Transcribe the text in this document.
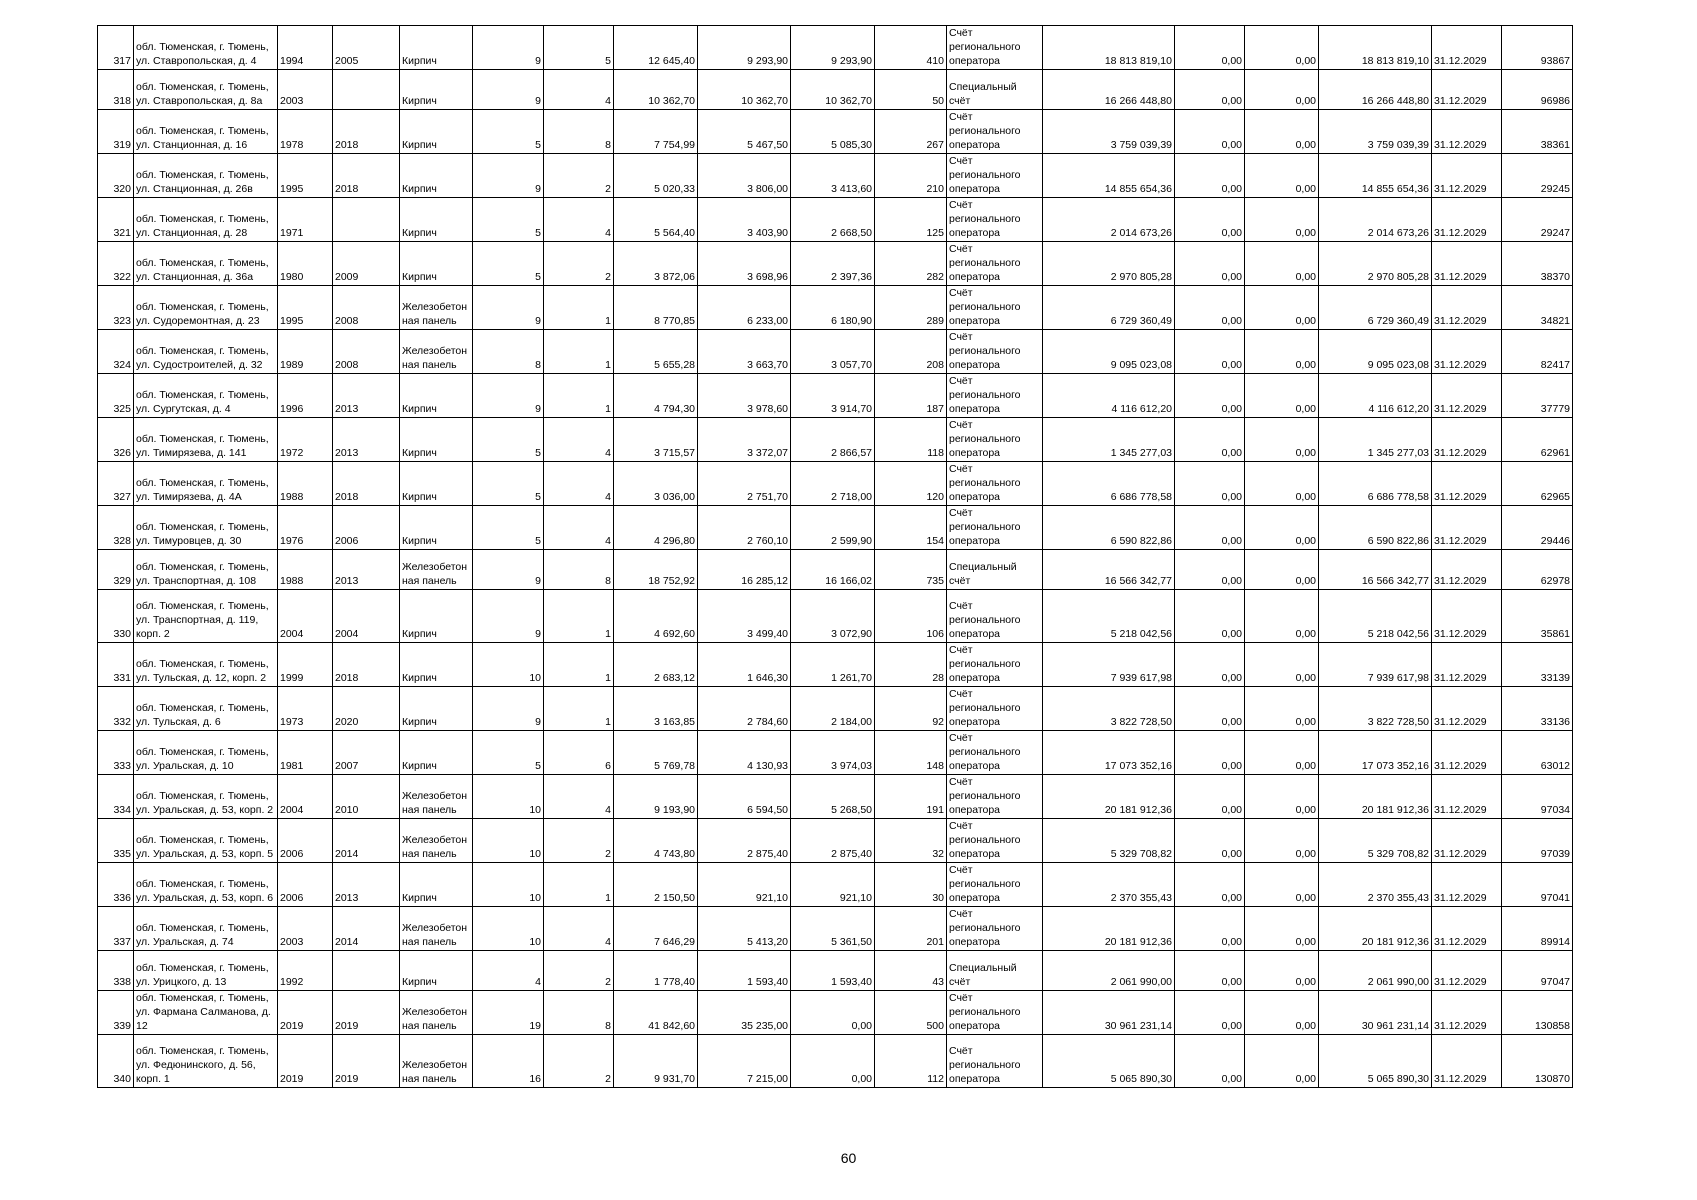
317	обл. Тюменская, г. Тюмень, ул. Ставропольская, д. 4	1994	2005	Кирпич	9	5	12 645,40	9 293,90	9 293,90	410	Счёт регионального оператора	18 813 819,10	0,00	0,00	18 813 819,10	31.12.2029	93867
318	обл. Тюменская, г. Тюмень, ул. Ставропольская, д. 8а	2003		Кирпич	9	4	10 362,70	10 362,70	10 362,70	50	Специальный счёт	16 266 448,80	0,00	0,00	16 266 448,80	31.12.2029	96986
319	обл. Тюменская, г. Тюмень, ул. Станционная, д. 16	1978	2018	Кирпич	5	8	7 754,99	5 467,50	5 085,30	267	Счёт регионального оператора	3 759 039,39	0,00	0,00	3 759 039,39	31.12.2029	38361
320	обл. Тюменская, г. Тюмень, ул. Станционная, д. 26в	1995	2018	Кирпич	9	2	5 020,33	3 806,00	3 413,60	210	Счёт регионального оператора	14 855 654,36	0,00	0,00	14 855 654,36	31.12.2029	29245
321	обл. Тюменская, г. Тюмень, ул. Станционная, д. 28	1971		Кирпич	5	4	5 564,40	3 403,90	2 668,50	125	Счёт регионального оператора	2 014 673,26	0,00	0,00	2 014 673,26	31.12.2029	29247
322	обл. Тюменская, г. Тюмень, ул. Станционная, д. 36а	1980	2009	Кирпич	5	2	3 872,06	3 698,96	2 397,36	282	Счёт регионального оператора	2 970 805,28	0,00	0,00	2 970 805,28	31.12.2029	38370
323	обл. Тюменская, г. Тюмень, ул. Судоремонтная, д. 23	1995	2008	Железобетонная панель	9	1	8 770,85	6 233,00	6 180,90	289	Счёт регионального оператора	6 729 360,49	0,00	0,00	6 729 360,49	31.12.2029	34821
324	обл. Тюменская, г. Тюмень, ул. Судостроителей, д. 32	1989	2008	Железобетонная панель	8	1	5 655,28	3 663,70	3 057,70	208	Счёт регионального оператора	9 095 023,08	0,00	0,00	9 095 023,08	31.12.2029	82417
325	обл. Тюменская, г. Тюмень, ул. Сургутская, д. 4	1996	2013	Кирпич	9	1	4 794,30	3 978,60	3 914,70	187	Счёт регионального оператора	4 116 612,20	0,00	0,00	4 116 612,20	31.12.2029	37779
326	обл. Тюменская, г. Тюмень, ул. Тимирязева, д. 141	1972	2013	Кирпич	5	4	3 715,57	3 372,07	2 866,57	118	Счёт регионального оператора	1 345 277,03	0,00	0,00	1 345 277,03	31.12.2029	62961
327	обл. Тюменская, г. Тюмень, ул. Тимирязева, д. 4А	1988	2018	Кирпич	5	4	3 036,00	2 751,70	2 718,00	120	Счёт регионального оператора	6 686 778,58	0,00	0,00	6 686 778,58	31.12.2029	62965
328	обл. Тюменская, г. Тюмень, ул. Тимуровцев, д. 30	1976	2006	Кирпич	5	4	4 296,80	2 760,10	2 599,90	154	Счёт регионального оператора	6 590 822,86	0,00	0,00	6 590 822,86	31.12.2029	29446
329	обл. Тюменская, г. Тюмень, ул. Транспортная, д. 108	1988	2013	Железобетонная панель	9	8	18 752,92	16 285,12	16 166,02	735	Специальный счёт	16 566 342,77	0,00	0,00	16 566 342,77	31.12.2029	62978
330	обл. Тюменская, г. Тюмень, ул. Транспортная, д. 119, корп. 2	2004	2004	Кирпич	9	1	4 692,60	3 499,40	3 072,90	106	Счёт регионального оператора	5 218 042,56	0,00	0,00	5 218 042,56	31.12.2029	35861
331	обл. Тюменская, г. Тюмень, ул. Тульская, д. 12, корп. 2	1999	2018	Кирпич	10	1	2 683,12	1 646,30	1 261,70	28	Счёт регионального оператора	7 939 617,98	0,00	0,00	7 939 617,98	31.12.2029	33139
332	обл. Тюменская, г. Тюмень, ул. Тульская, д. 6	1973	2020	Кирпич	9	1	3 163,85	2 784,60	2 184,00	92	Счёт регионального оператора	3 822 728,50	0,00	0,00	3 822 728,50	31.12.2029	33136
333	обл. Тюменская, г. Тюмень, ул. Уральская, д. 10	1981	2007	Кирпич	5	6	5 769,78	4 130,93	3 974,03	148	Счёт регионального оператора	17 073 352,16	0,00	0,00	17 073 352,16	31.12.2029	63012
334	обл. Тюменская, г. Тюмень, ул. Уральская, д. 53, корп. 2	2004	2010	Железобетонная панель	10	4	9 193,90	6 594,50	5 268,50	191	Счёт регионального оператора	20 181 912,36	0,00	0,00	20 181 912,36	31.12.2029	97034
335	обл. Тюменская, г. Тюмень, ул. Уральская, д. 53, корп. 5	2006	2014	Железобетонная панель	10	2	4 743,80	2 875,40	2 875,40	32	Счёт регионального оператора	5 329 708,82	0,00	0,00	5 329 708,82	31.12.2029	97039
336	обл. Тюменская, г. Тюмень, ул. Уральская, д. 53, корп. 6	2006	2013	Кирпич	10	1	2 150,50	921,10	921,10	30	Счёт регионального оператора	2 370 355,43	0,00	0,00	2 370 355,43	31.12.2029	97041
337	обл. Тюменская, г. Тюмень, ул. Уральская, д. 74	2003	2014	Железобетонная панель	10	4	7 646,29	5 413,20	5 361,50	201	Счёт регионального оператора	20 181 912,36	0,00	0,00	20 181 912,36	31.12.2029	89914
338	обл. Тюменская, г. Тюмень, ул. Урицкого, д. 13	1992		Кирпич	4	2	1 778,40	1 593,40	1 593,40	43	Специальный счёт	2 061 990,00	0,00	0,00	2 061 990,00	31.12.2029	97047
339	обл. Тюменская, г. Тюмень, ул. Фармана Салманова, д. 12	2019	2019	Железобетонная панель	19	8	41 842,60	35 235,00	0,00	500	Счёт регионального оператора	30 961 231,14	0,00	0,00	30 961 231,14	31.12.2029	130858
340	обл. Тюменская, г. Тюмень, ул. Федюнинского, д. 56, корп. 1	2019	2019	Железобетонная панель	16	2	9 931,70	7 215,00	0,00	112	Счёт регионального оператора	5 065 890,30	0,00	0,00	5 065 890,30	31.12.2029	130870
60
